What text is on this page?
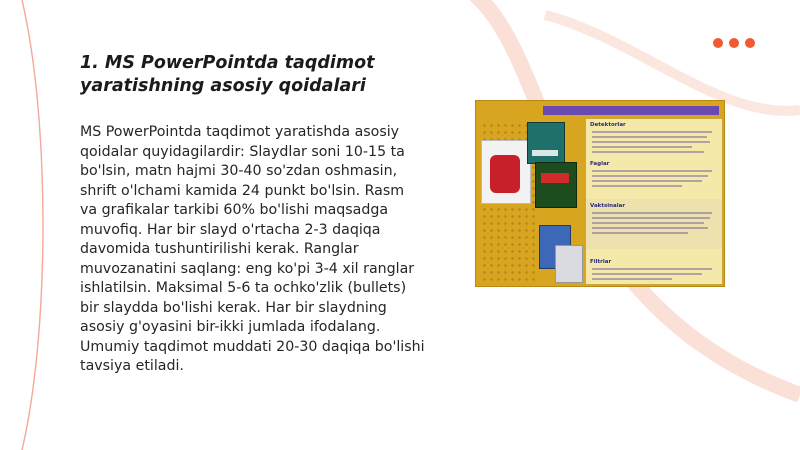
1. MS PowerPointda taqdimot yaratishning asosiy qoidalari

MS PowerPointda taqdimot yaratishda asosiy qoidalar quyidagilardir: Slaydlar soni 10-15 ta bo'lsin, matn hajmi 30-40 so'zdan oshmasin, shrift o'lchami kamida 24 punkt bo'lsin. Rasm va grafikalar tarkibi 60% bo'lishi maqsadga muvofiq. Har bir slayd o'rtacha 2-3 daqiqa davomida tushuntirilishi kerak. Ranglar muvozanatini saqlang: eng ko'pi 3-4 xil ranglar ishlatilsin. Maksimal 5-6 ta ochko'zlik (bullets) bir slaydda bo'lishi kerak. Har bir slaydning asosiy g'oyasini bir-ikki jumlada ifodalang. Umumiy taqdimot muddati 20-30 daqiqa bo'lishi tavsiya etiladi.

Detektorlar
Faglar
Vaktsinalar
Filtrlar
